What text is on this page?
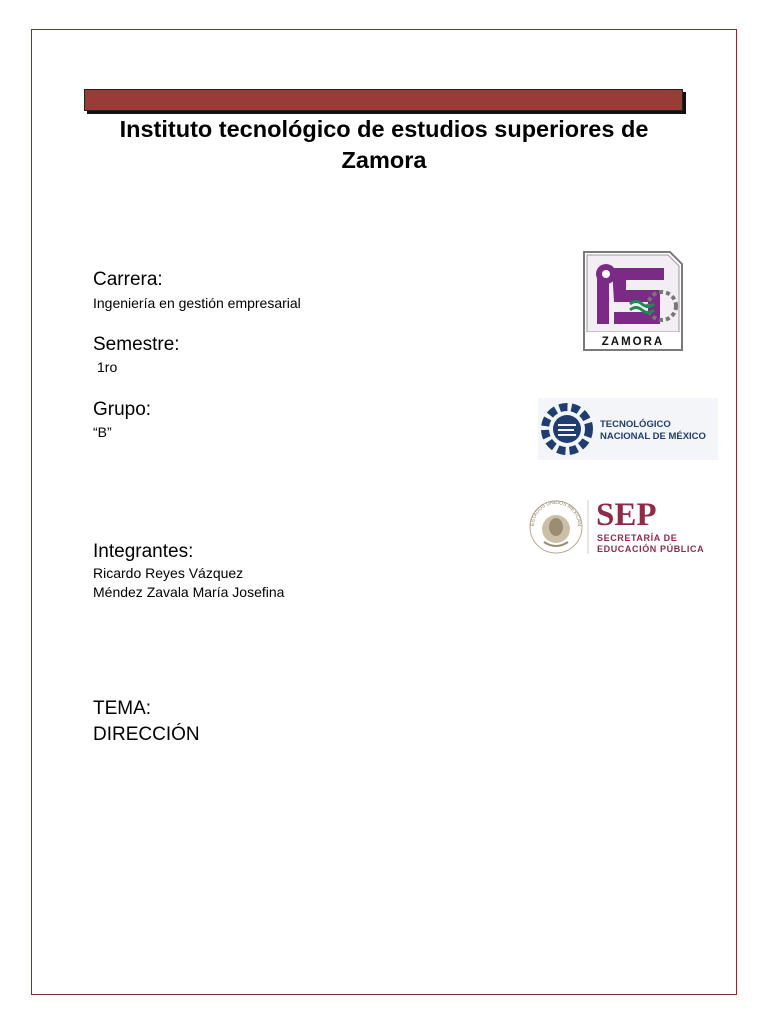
Instituto tecnológico de estudios superiores de
Zamora
Carrera:
Ingeniería en gestión empresarial
Semestre:
1ro
Grupo:
“B”
Integrantes:
Ricardo Reyes Vázquez
Méndez Zavala María Josefina
TEMA:
DIRECCIÓN
ZAMORA
TECNOLÓGICO
NACIONAL DE MÉXICO
ESTADOS UNIDOS MEXICAN SEP
SECRETARÍA DE
EDUCACIÓN PÚBLICA
